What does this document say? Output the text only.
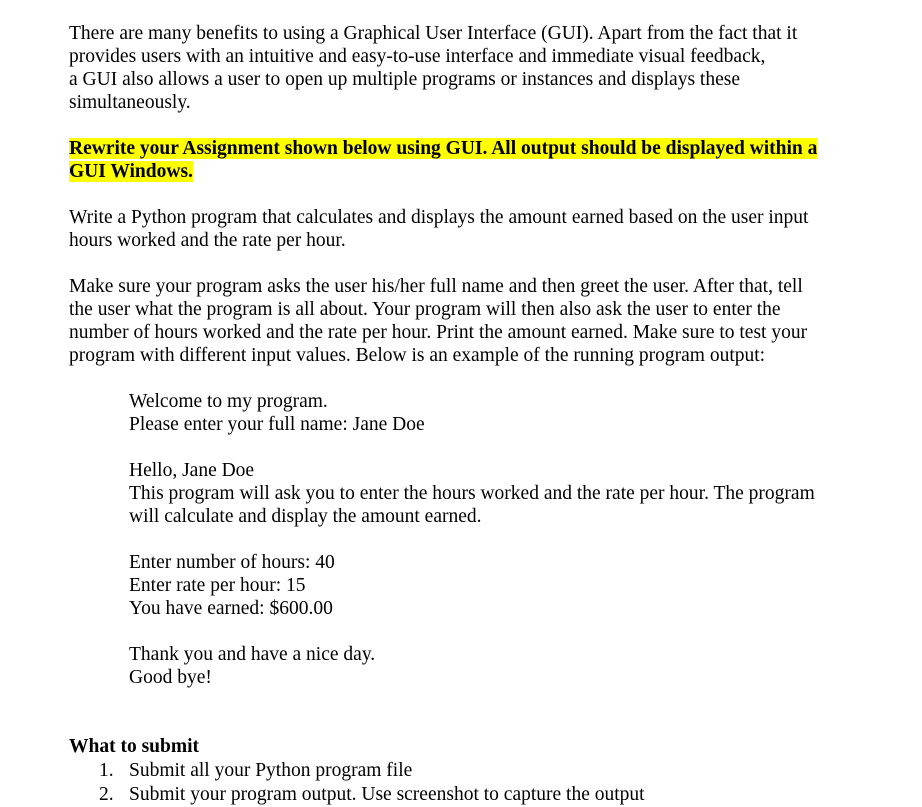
There are many benefits to using a Graphical User Interface (GUI). Apart from the fact that it

provides users with an intuitive and easy-to-use interface and immediate visual feedback,

a GUI also allows a user to open up multiple programs or instances and displays these

simultaneously.

Rewrite your Assignment shown below using GUI. All output should be displayed within a

GUI Windows.

Write a Python program that calculates and displays the amount earned based on the user input

hours worked and the rate per hour.

Make sure your program asks the user his/her full name and then greet the user. After that, tell

the user what the program is all about. Your program will then also ask the user to enter the

number of hours worked and the rate per hour. Print the amount earned. Make sure to test your

program with different input values. Below is an example of the running program output:

Welcome to my program.

Please enter your full name: Jane Doe

Hello, Jane Doe

This program will ask you to enter the hours worked and the rate per hour. The program

will calculate and display the amount earned.

Enter number of hours: 40

Enter rate per hour: 15

You have earned: $600.00

Thank you and have a nice day.

Good bye!

What to submit

1. Submit all your Python program file
2. Submit your program output. Use screenshot to capture the output
